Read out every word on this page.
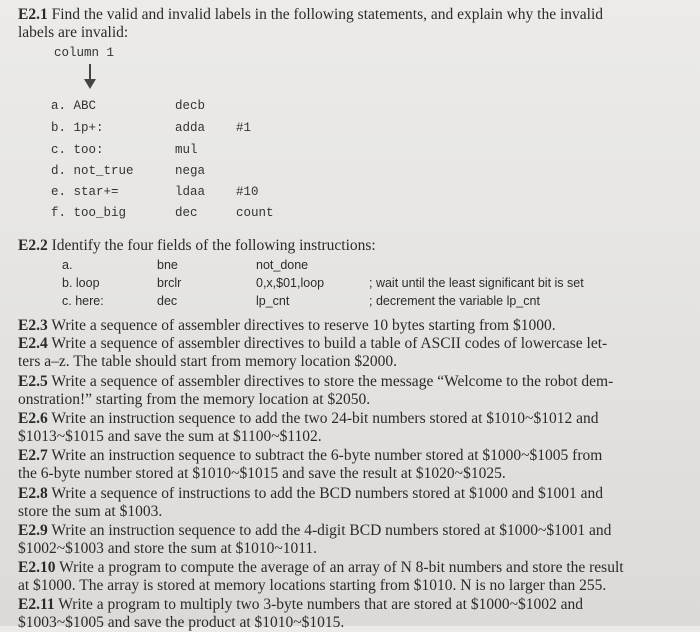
E2.1 Find the valid and invalid labels in the following statements, and explain why the invalid
labels are invalid:
column 1
a. ABC	decb
b. 1p+:	adda #1
c. too:	mul
d. not_true	nega
e. star+=	ldaa #10
f. too_big	dec	count
E2.2 Identify the four fields of the following instructions:
a.	bne	not_done
b. loop	brclr	0,x,$01,loop	; wait until the least significant bit is set
c. here:	dec	lp_cnt	; decrement the variable lp_cnt
E2.3 Write a sequence of assembler directives to reserve 10 bytes starting from $1000.
E2.4 Write a sequence of assembler directives to build a table of ASCII codes of lowercase let-
ters a–z. The table should start from memory location $2000.
E2.5 Write a sequence of assembler directives to store the message “Welcome to the robot dem-
onstration!” starting from the memory location at $2050.
E2.6 Write an instruction sequence to add the two 24-bit numbers stored at $1010~$1012 and
$1013~$1015 and save the sum at $1100~$1102.
E2.7 Write an instruction sequence to subtract the 6-byte number stored at $1000~$1005 from
the 6-byte number stored at $1010~$1015 and save the result at $1020~$1025.
E2.8 Write a sequence of instructions to add the BCD numbers stored at $1000 and $1001 and
store the sum at $1003.
E2.9 Write an instruction sequence to add the 4-digit BCD numbers stored at $1000~$1001 and
$1002~$1003 and store the sum at $1010~1011.
E2.10 Write a program to compute the average of an array of N 8-bit numbers and store the result
at $1000. The array is stored at memory locations starting from $1010. N is no larger than 255.
E2.11 Write a program to multiply two 3-byte numbers that are stored at $1000~$1002 and
$1003~$1005 and save the product at $1010~$1015.
